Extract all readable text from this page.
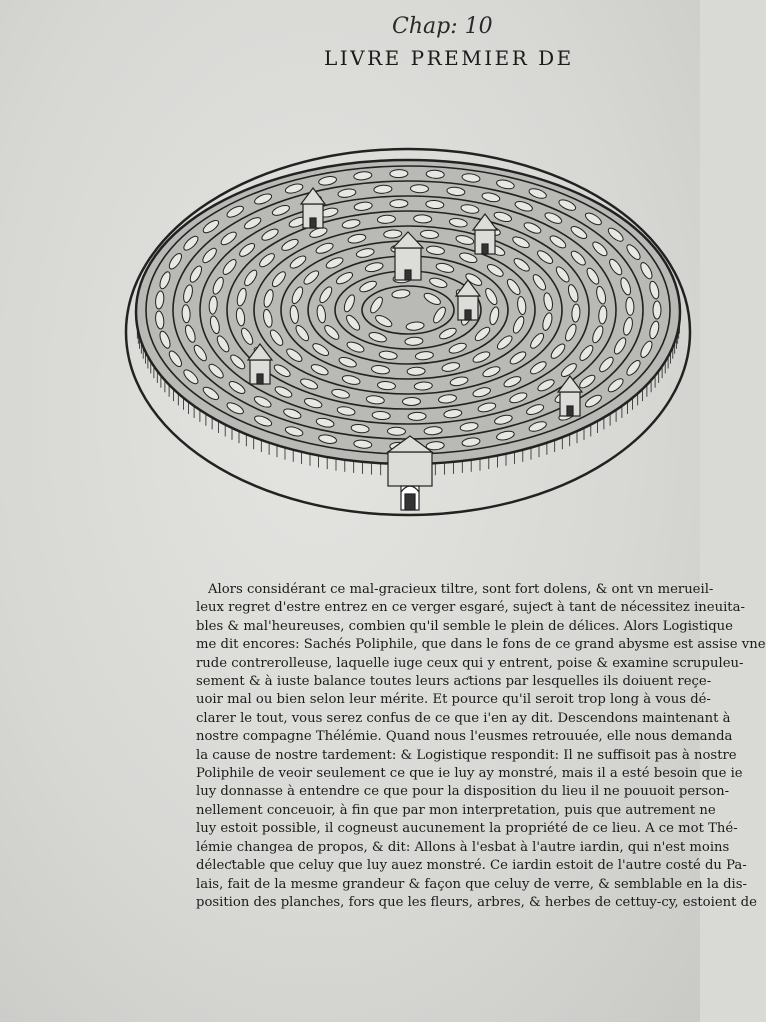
Chap: 10
LIVRE PREMIER DE
Alors considérant ce mal-gracieux tiltre, sont fort dolens, & ont vn merueil-
leux regret d'estre entrez en ce verger esgaré, sujeƈt à tant de nécessitez ineuita-
bles & mal'heureuses, combien qu'il semble le plein de délices. Alors Logistique
me dit encores: Sachés Poliphile, que dans le fons de ce grand abysme est assise vne
rude contrerolleuse, laquelle iuge ceux qui y entrent, poise & examine scrupuleu-
sement & à iuste balance toutes leurs aƈtions par lesquelles ils doiuent reçe-
uoir mal ou bien selon leur mérite. Et pource qu'il seroit trop long à vous dé-
clarer le tout, vous serez confus de ce que i'en ay dit. Descendons maintenant à
nostre compagne Thélémie. Quand nous l'eusmes retrouuée, elle nous demanda
la cause de nostre tardement: & Logistique respondit: Il ne suffisoit pas à nostre
Poliphile de veoir seulement ce que ie luy ay monstré, mais il a esté besoin que ie
luy donnasse à entendre ce que pour la disposition du lieu il ne pouuoit person-
nellement conceuoir, à fin que par mon interpretation, puis que autrement ne
luy estoit possible, il cogneust aucunement la propriété de ce lieu. A ce mot Thé-
lémie changea de propos, & dit: Allons à l'esbat à l'autre iardin, qui n'est moins
déleƈtable que celuy que luy auez monstré. Ce iardin estoit de l'autre costé du Pa-
lais, fait de la mesme grandeur & façon que celuy de verre, & semblable en la dis-
position des planches, fors que les fleurs, arbres, & herbes de cettuy-cy, estoient de
